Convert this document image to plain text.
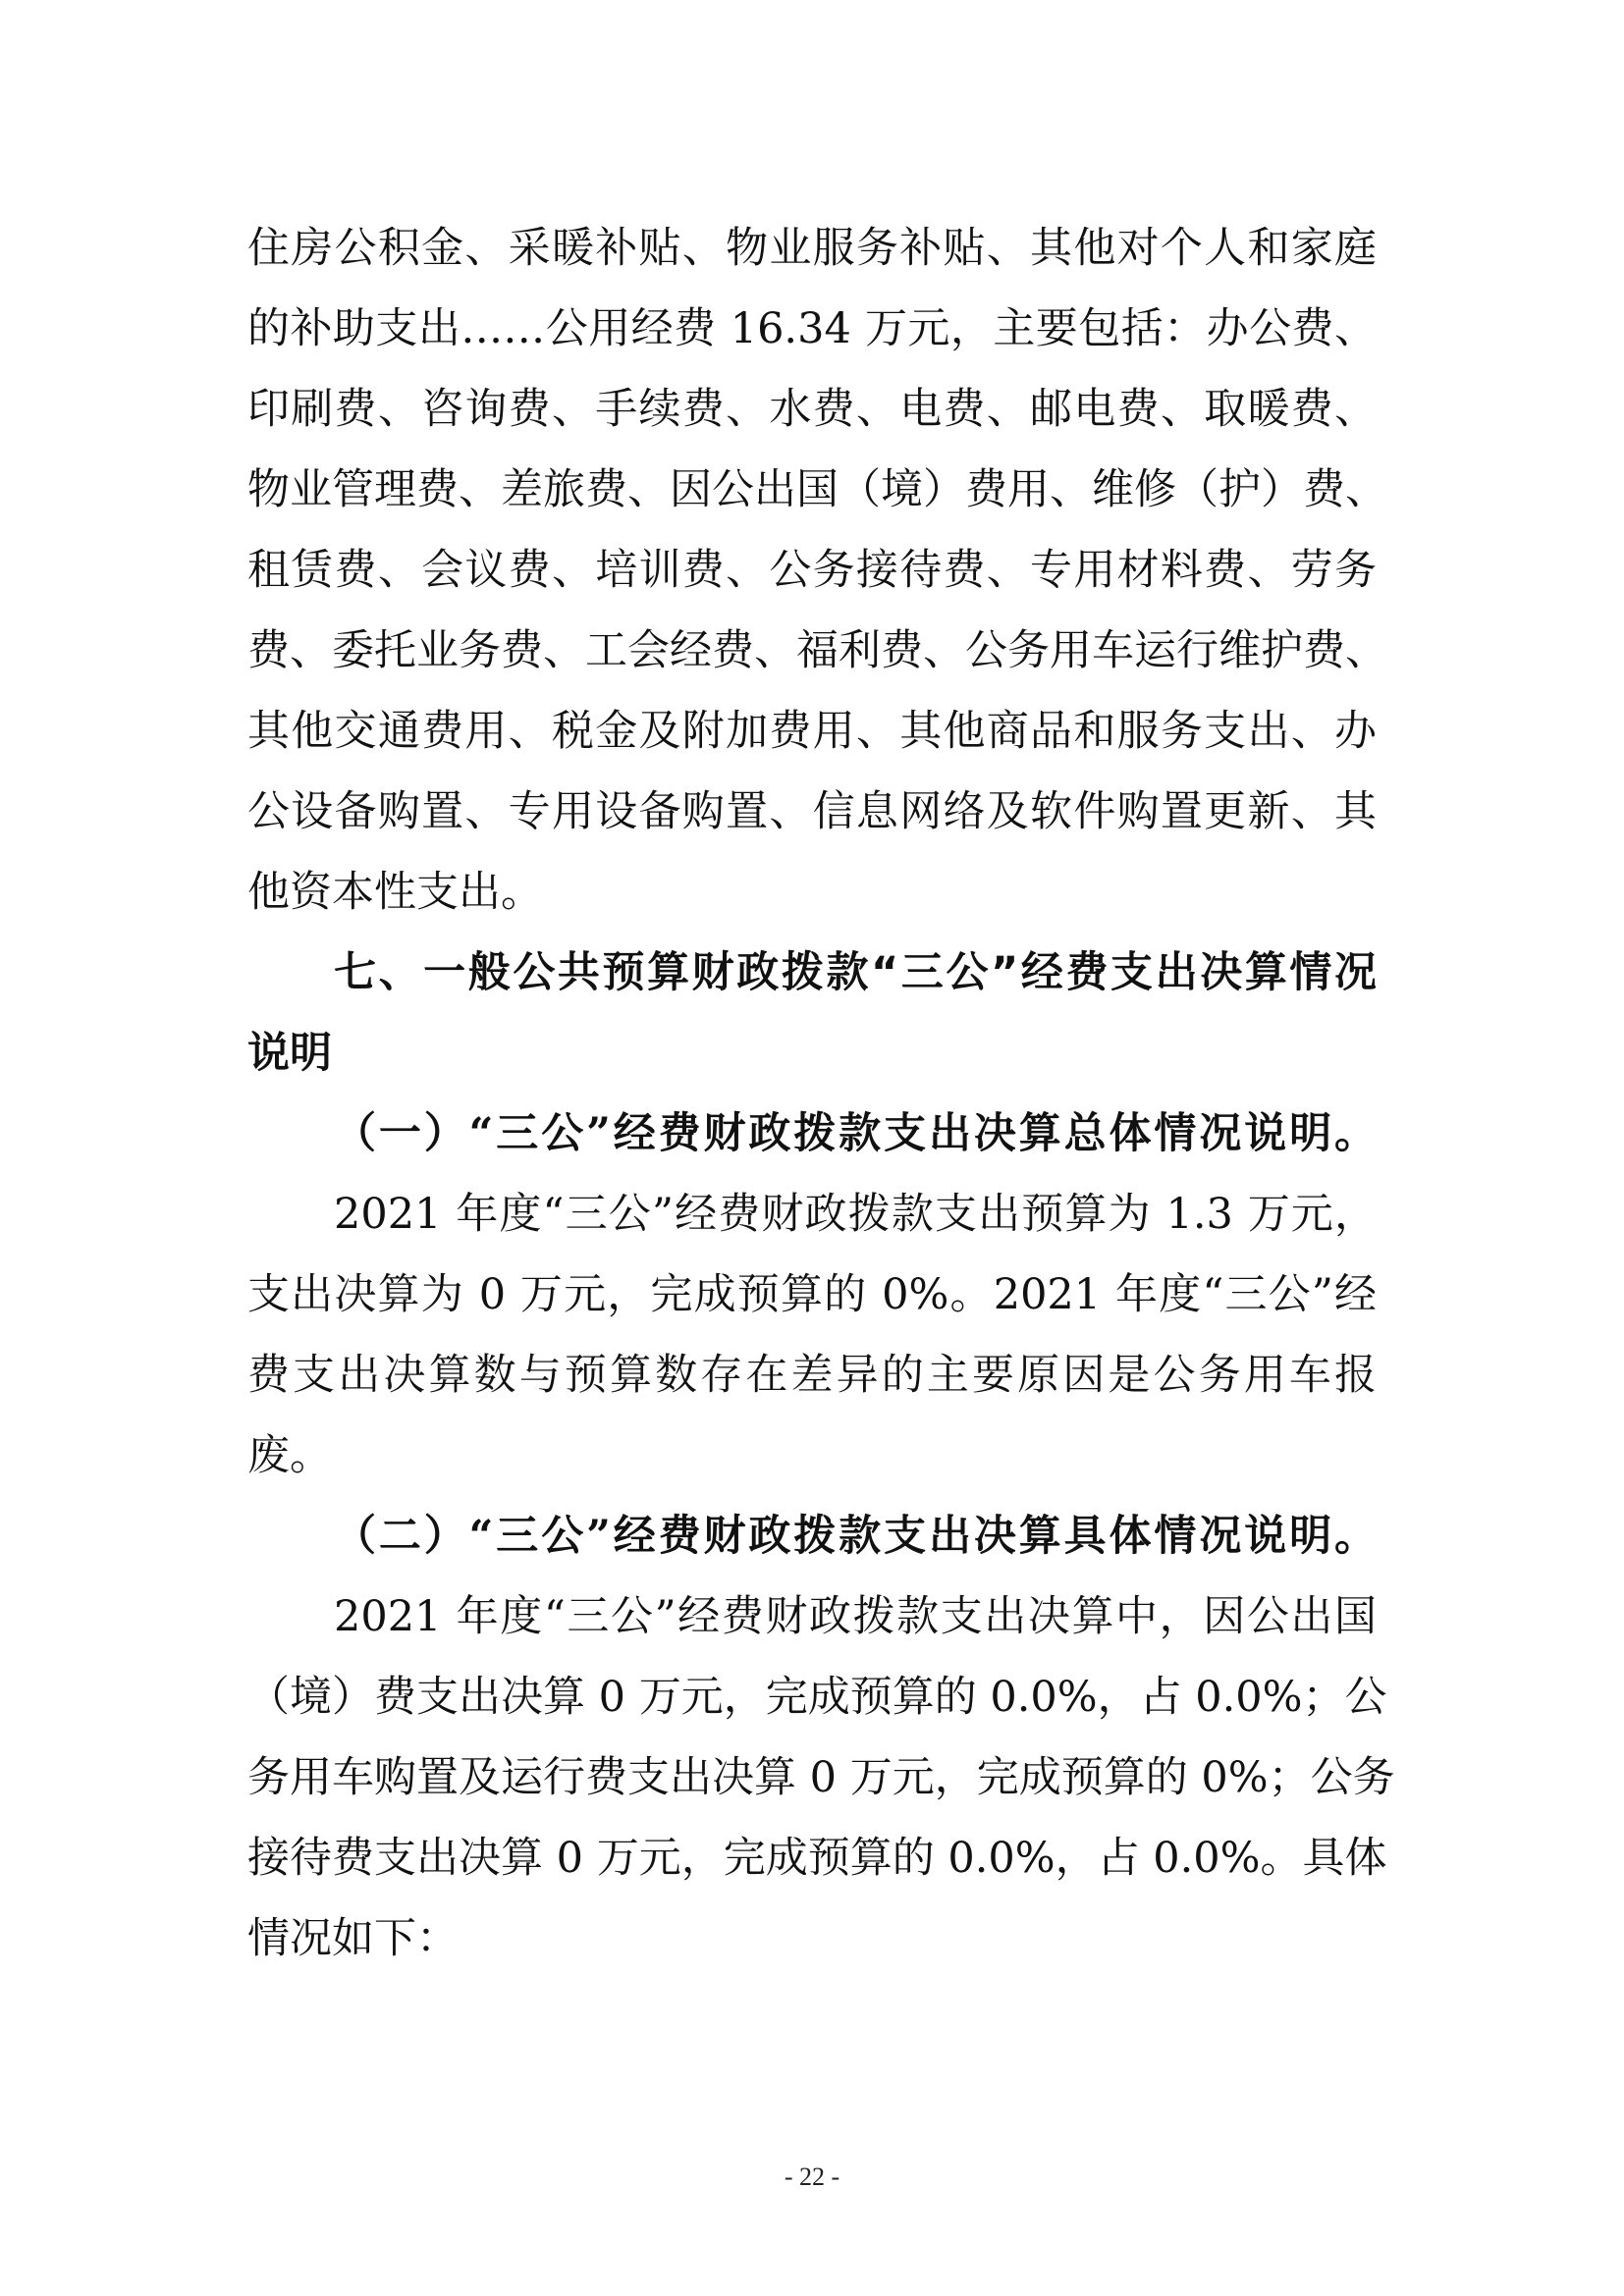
住房公积金、采暖补贴、物业服务补贴、其他对个人和家庭
的补助支出……公用经费 16.34 万元，主要包括：办公费、
印刷费、咨询费、手续费、水费、电费、邮电费、取暖费、
物业管理费、差旅费、因公出国（境）费用、维修（护）费、
租赁费、会议费、培训费、公务接待费、专用材料费、劳务
费、委托业务费、工会经费、福利费、公务用车运行维护费、
其他交通费用、税金及附加费用、其他商品和服务支出、办
公设备购置、专用设备购置、信息网络及软件购置更新、其
他资本性支出。
七、一般公共预算财政拨款“三公”经费支出决算情况
说明
（一）“三公”经费财政拨款支出决算总体情况说明。
2021 年度“三公”经费财政拨款支出预算为 1.3 万元，
支出决算为 0 万元，完成预算的 0%。2021 年度“三公”经
费支出决算数与预算数存在差异的主要原因是公务用车报
废。
（二）“三公”经费财政拨款支出决算具体情况说明。
2021 年度“三公”经费财政拨款支出决算中，因公出国
（境）费支出决算 0 万元，完成预算的 0.0%，占 0.0%；公
务用车购置及运行费支出决算 0 万元，完成预算的 0%；公务
接待费支出决算 0 万元，完成预算的 0.0%，占 0.0%。具体
情况如下：
- 22 -
